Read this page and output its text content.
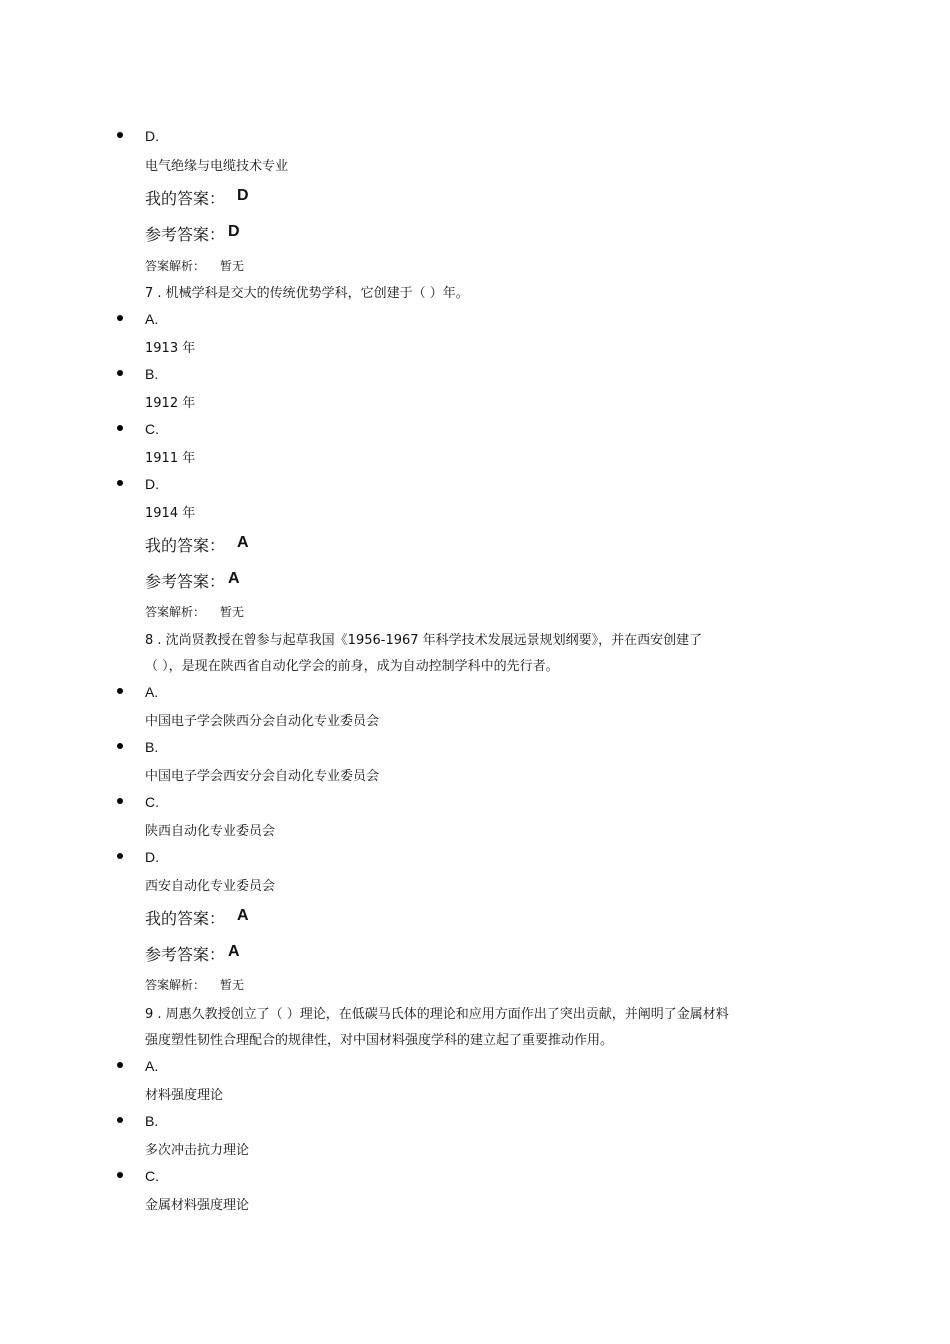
D.
电气绝缘与电缆技术专业
我的答案： D
参考答案： D
答案解析： 暂无
7 . 机械学科是交大的传统优势学科，它创建于（ ）年。
A.
1913 年
B.
1912 年
C.
1911 年
D.
1914 年
我的答案： A
参考答案： A
答案解析： 暂无
8 . 沈尚贤教授在曾参与起草我国《1956-1967 年科学技术发展远景规划纲要》，并在西安创建了
（ ），是现在陕西省自动化学会的前身，成为自动控制学科中的先行者。
A.
中国电子学会陕西分会自动化专业委员会
B.
中国电子学会西安分会自动化专业委员会
C.
陕西自动化专业委员会
D.
西安自动化专业委员会
我的答案： A
参考答案： A
答案解析： 暂无
9 . 周惠久教授创立了（ ）理论，在低碳马氏体的理论和应用方面作出了突出贡献，并阐明了金属材料
强度塑性韧性合理配合的规律性，对中国材料强度学科的建立起了重要推动作用。
A.
材料强度理论
B.
多次冲击抗力理论
C.
金属材料强度理论
